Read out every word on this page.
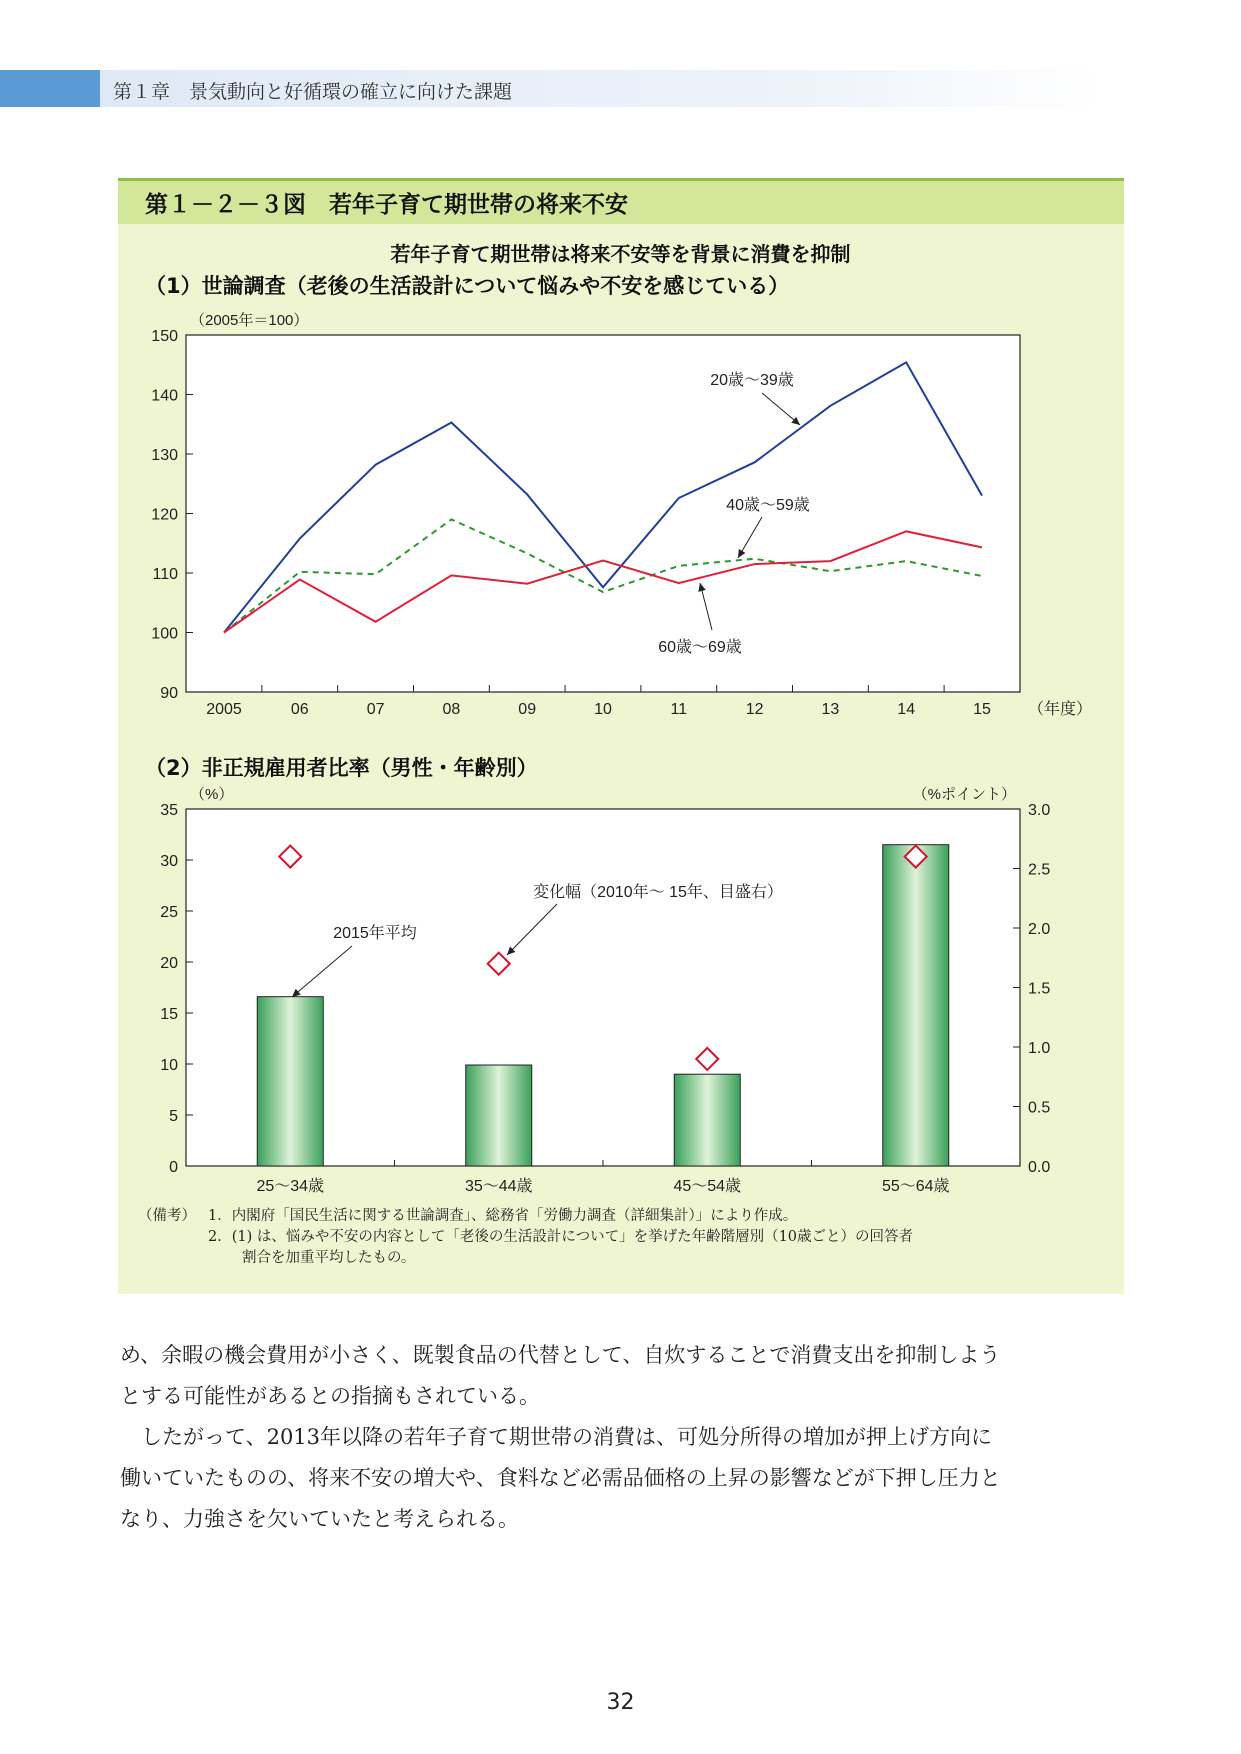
第１章　景気動向と好循環の確立に向けた課題
第１－２－３図　若年子育て期世帯の将来不安
若年子育て期世帯は将来不安等を背景に消費を抑制
（1）世論調査（老後の生活設計について悩みや不安を感じている）
（2）非正規雇用者比率（男性・年齢別）
90
100
110
120
130
140
150
（2005年＝100）
2005	06	07	08	09	10	11	12	13	14	15 （年度）
20歳～39歳
40歳～59歳
60歳～69歳
0
5
10
15
20
25
30
35
0.0
0.5
1.0
1.5
2.0
2.5
3.0
（%）	（%ポイント）
25～34歳	35～44歳	45～54歳	55～64歳
2015年平均
変化幅（2010年～ 15年、目盛右）
（備考） 1．内閣府「国民生活に関する世論調査」、総務省「労働力調査（詳細集計）」により作成。
2．(1) は、悩みや不安の内容として「老後の生活設計について」を挙げた年齢階層別（10歳ごと）の回答者
割合を加重平均したもの。
め、余暇の機会費用が小さく、既製食品の代替として、自炊することで消費支出を抑制しよう
とする可能性があるとの指摘もされている。
　したがって、2013年以降の若年子育て期世帯の消費は、可処分所得の増加が押上げ方向に
働いていたものの、将来不安の増大や、食料など必需品価格の上昇の影響などが下押し圧力と
なり、力強さを欠いていたと考えられる。
32
